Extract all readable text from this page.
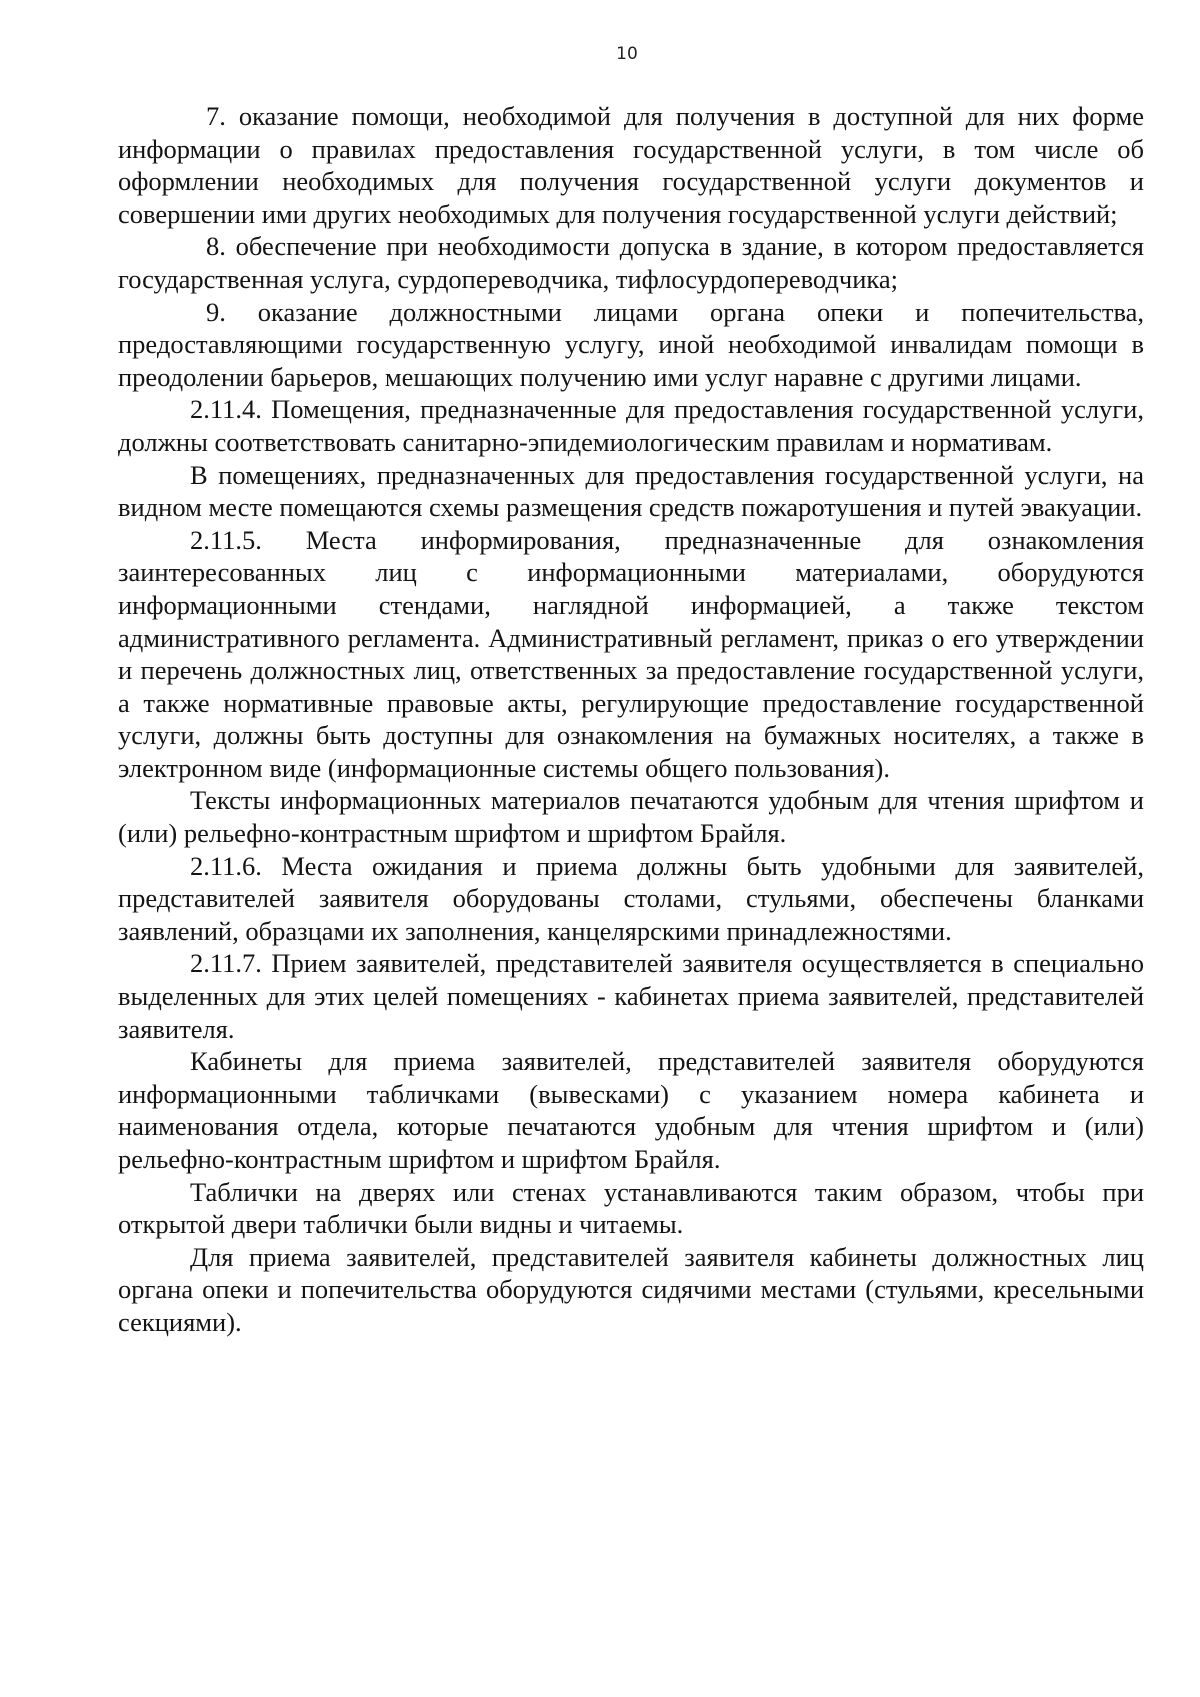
10

7. оказание помощи, необходимой для получения в доступной для них форме информации о правилах предоставления государственной услуги, в том числе об оформлении необходимых для получения государственной услуги документов и совершении ими других необходимых для получения государственной услуги действий;

8. обеспечение при необходимости допуска в здание, в котором предоставляется государственная услуга, сурдопереводчика, тифлосурдопереводчика;

9. оказание должностными лицами органа опеки и попечительства, предоставляющими государственную услугу, иной необходимой инвалидам помощи в преодолении барьеров, мешающих получению ими услуг наравне с другими лицами.

2.11.4. Помещения, предназначенные для предоставления государственной услуги, должны соответствовать санитарно-эпидемиологическим правилам и нормативам.

В помещениях, предназначенных для предоставления государственной услуги, на видном месте помещаются схемы размещения средств пожаротушения и путей эвакуации.

2.11.5. Места информирования, предназначенные для ознакомления заинтересованных лиц с информационными материалами, оборудуются информационными стендами, наглядной информацией, а также текстом административного регламента. Административный регламент, приказ о его утверждении и перечень должностных лиц, ответственных за предоставление государственной услуги, а также нормативные правовые акты, регулирующие предоставление государственной услуги, должны быть доступны для ознакомления на бумажных носителях, а также в электронном виде (информационные системы общего пользования).

Тексты информационных материалов печатаются удобным для чтения шрифтом и (или) рельефно-контрастным шрифтом и шрифтом Брайля.

2.11.6. Места ожидания и приема должны быть удобными для заявителей, представителей заявителя оборудованы столами, стульями, обеспечены бланками заявлений, образцами их заполнения, канцелярскими принадлежностями.

2.11.7. Прием заявителей, представителей заявителя осуществляется в специально выделенных для этих целей помещениях - кабинетах приема заявителей, представителей заявителя.

Кабинеты для приема заявителей, представителей заявителя оборудуются информационными табличками (вывесками) с указанием номера кабинета и наименования отдела, которые печатаются удобным для чтения шрифтом и (или) рельефно-контрастным шрифтом и шрифтом Брайля.

Таблички на дверях или стенах устанавливаются таким образом, чтобы при открытой двери таблички были видны и читаемы.

Для приема заявителей, представителей заявителя кабинеты должностных лиц органа опеки и попечительства оборудуются сидячими местами (стульями, кресельными секциями).
